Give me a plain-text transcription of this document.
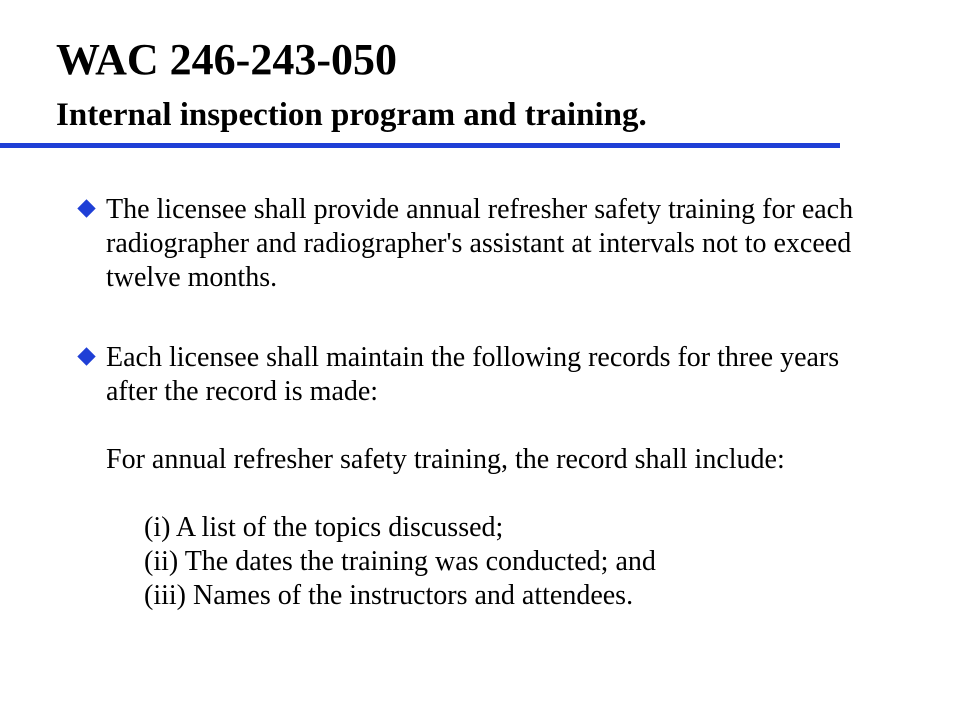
WAC 246-243-050
Internal inspection program and training.

The licensee shall provide annual refresher safety training for each radiographer and radiographer's assistant at intervals not to exceed twelve months.

Each licensee shall maintain the following records for three years after the record is made:

For annual refresher safety training, the record shall include:

(i) A list of the topics discussed;
(ii) The dates the training was conducted; and
(iii) Names of the instructors and attendees.
